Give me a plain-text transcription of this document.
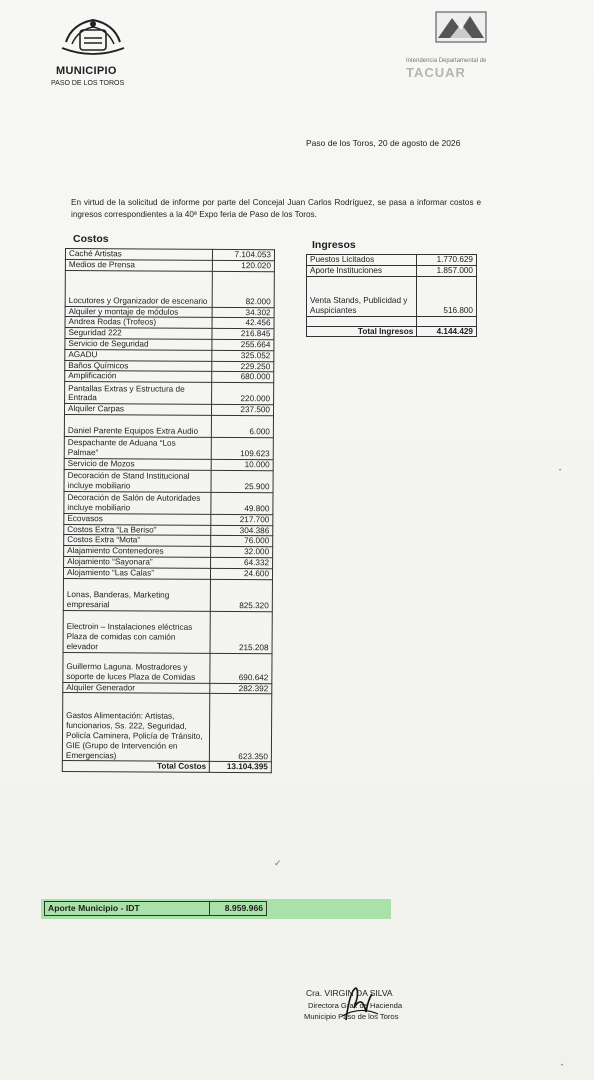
MUNICIPIO
PASO DE LOS TOROS
Intendencia Departamental de
TACUAR
Paso de los Toros, 20 de agosto de 2026
En virtud de la solicitud de informe por parte del Concejal Juan Carlos Rodríguez, se pasa a informar costos e ingresos correspondientes a la 40ª Expo feria de Paso de los Toros.
Costos
Caché Artistas	7.104.053
Medios de Prensa	120.020
Locutores y Organizador de escenario	82.000
Alquiler y montaje de módulos	34.302
Andrea Rodas (Trofeos)	42.456
Seguridad 222	216.845
Servicio de Seguridad	255.664
AGADU	325.052
Baños Químicos	229.250
Amplificación	680.000
Pantallas Extras y Estructura de Entrada	220.000
Alquiler Carpas	237.500
Daniel Parente Equipos Extra Audio	6.000
Despachante de Aduana “Los Palmae”	109.623
Servicio de Mozos	10.000
Decoración de Stand Institucional incluye mobiliario	25.900
Decoración de Salón de Autoridades incluye mobiliario	49.800
Ecovasos	217.700
Costos Extra “La Beriso”	304.386
Costos Extra “Mota”	76.000
Alajamiento Contenedores	32.000
Alojamiento “Sayonara”	64.332
Alojamiento “Las Calas”	24.600
Lonas, Banderas, Marketing empresarial	825.320
Electroin – Instalaciones eléctricas Plaza de comidas con camión elevador	215.208
Guillermo Laguna. Mostradores y soporte de luces Plaza de Comidas	690.642
Alquiler Generador	282.392
Gastos Alimentación: Artistas, funcionarios, Ss. 222, Seguridad, Policía Caminera, Policía de Tránsito, GIE (Grupo de Intervención en Emergencias)	623.350
Total Costos	13.104.395
Ingresos
Puestos Licitados	1.770.629
Aporte Instituciones	1.857.000
Venta Stands, Publicidad y Auspiciantes	516.800

Total Ingresos	4.144.429
✓
Aporte Municipio - IDT	8.959.966
Cra. VIRGIN DA SILVA
Directora Gral. de Hacienda
Municipio Paso de los Toros
•
•
